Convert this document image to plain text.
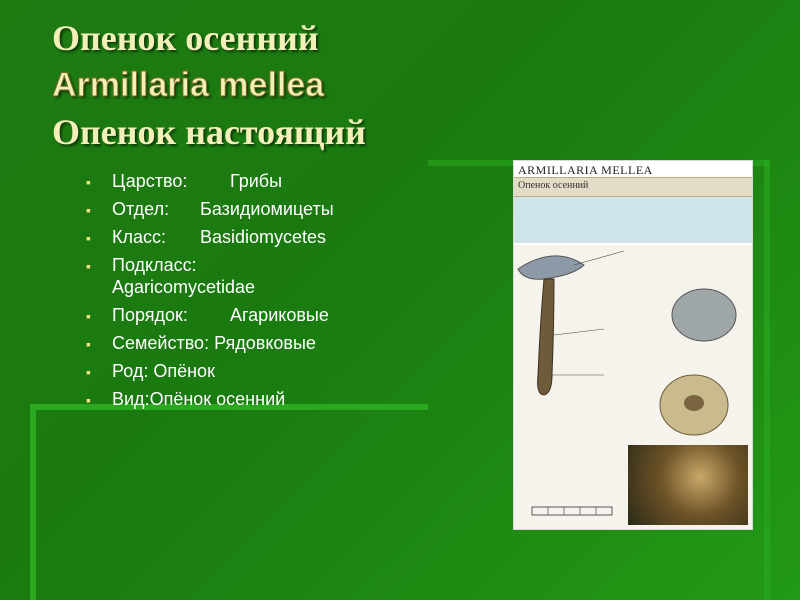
Опенок осенний
Armillaria mellea
Опенок настоящий
▪ Царство: Грибы
▪ Отдел: Базидиомицеты
▪ Класс: Basidiomycetes
▪ Подкласс:
Agaricomycetidae
▪ Порядок: Агариковые
▪ Семейство: Рядовковые
▪ Род: Опёнок
▪ Вид:Опёнок осенний
ARMILLARIA MELLEA
Опенок осенний
